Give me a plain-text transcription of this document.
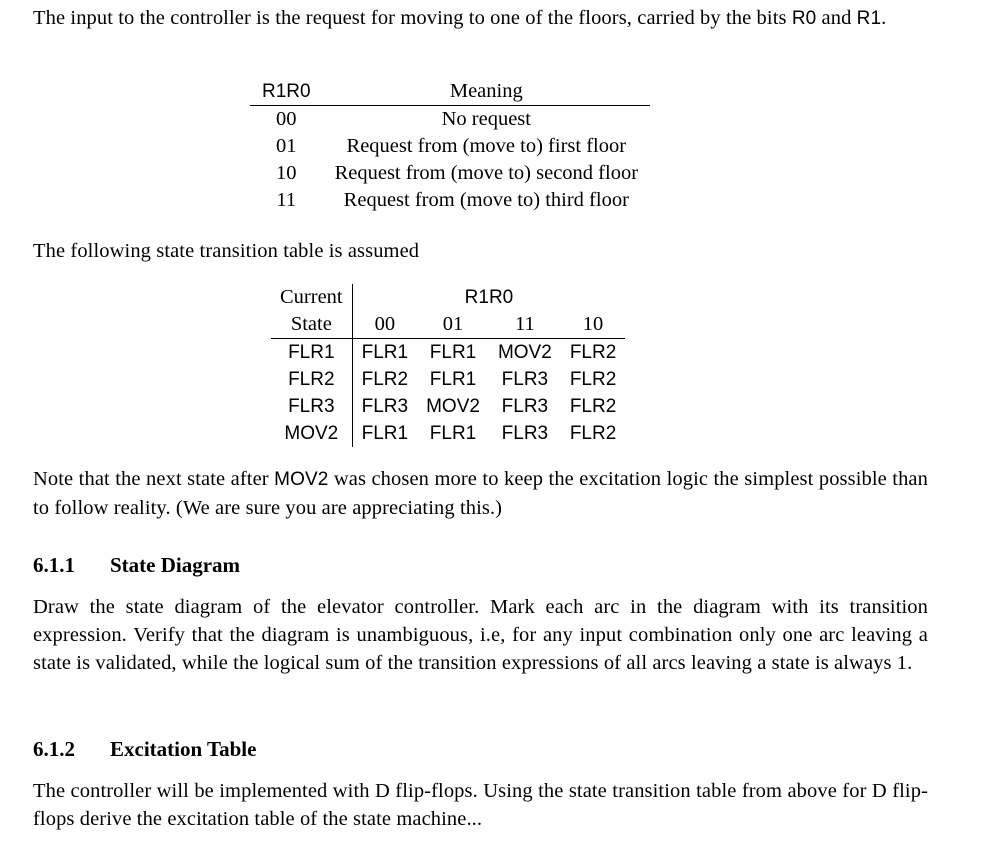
The input to the controller is the request for moving to one of the floors, carried by the bits R0 and R1.

R1R0	Meaning
00	No request
01	Request from (move to) first floor
10	Request from (move to) second floor
11	Request from (move to) third floor

The following state transition table is assumed

Current	R1R0			
State	00	01	11	10
FLR1	FLR1	FLR1	MOV2	FLR2
FLR2	FLR2	FLR1	FLR3	FLR2
FLR3	FLR3	MOV2	FLR3	FLR2
MOV2	FLR1	FLR1	FLR3	FLR2

Note that the next state after MOV2 was chosen more to keep the excitation logic the simplest possible than to follow reality. (We are sure you are appreciating this.)

6.1.1 State Diagram

Draw the state diagram of the elevator controller. Mark each arc in the diagram with its transition expression. Verify that the diagram is unambiguous, i.e, for any input combination only one arc leaving a state is validated, while the logical sum of the transition expressions of all arcs leaving a state is always 1.

6.1.2 Excitation Table

The controller will be implemented with D flip-flops. Using the state transition table from above for D flip-flops derive the excitation table of the state machine...
